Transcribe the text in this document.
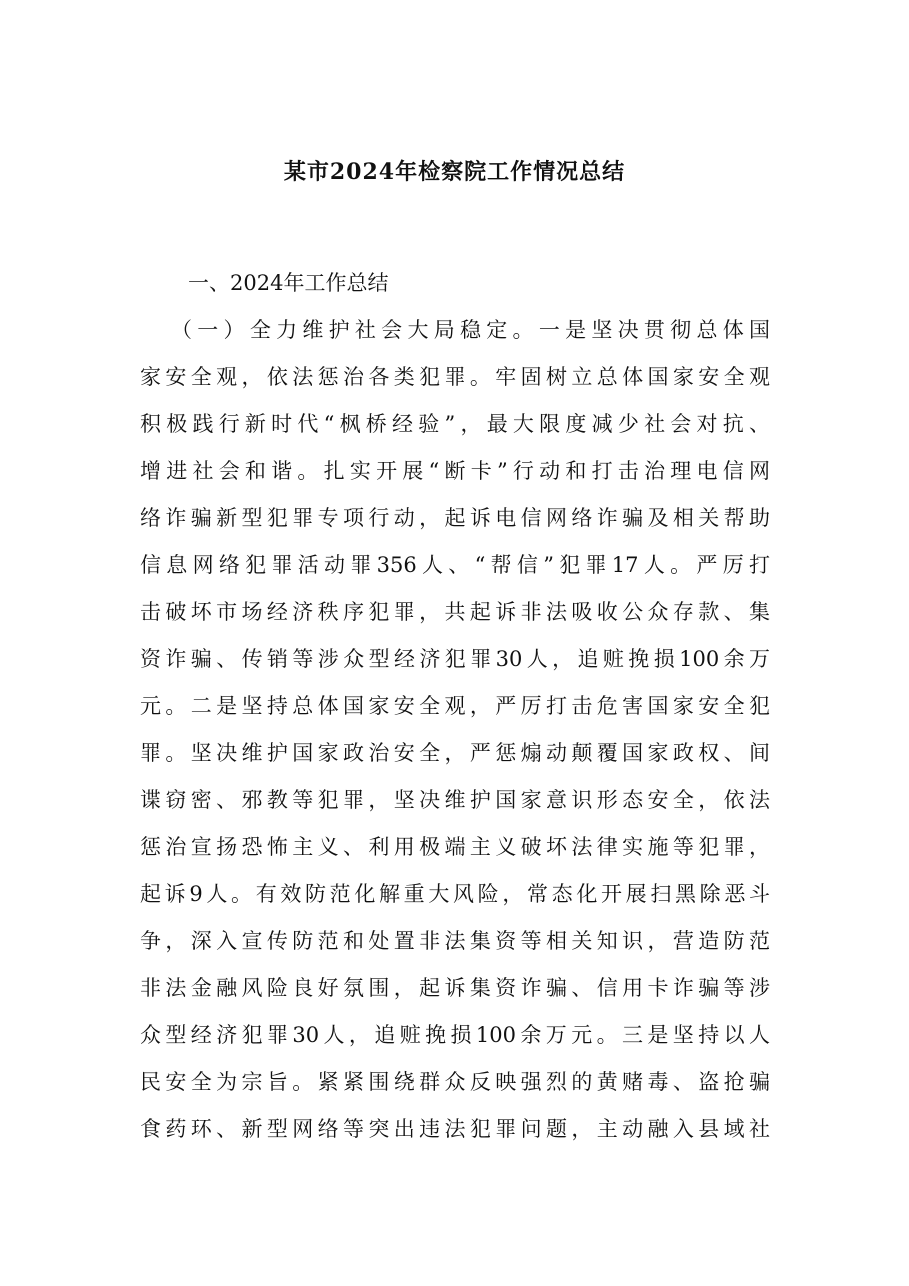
某市2024年检察院工作情况总结
一、2024年工作总结
（一）全力维护社会大局稳定。一是坚决贯彻总体国
家安全观，依法惩治各类犯罪。牢固树立总体国家安全观
积极践行新时代“枫桥经验”，最大限度减少社会对抗、
增进社会和谐。扎实开展“断卡”行动和打击治理电信网
络诈骗新型犯罪专项行动，起诉电信网络诈骗及相关帮助
信息网络犯罪活动罪356人、“帮信”犯罪17人。严厉打
击破坏市场经济秩序犯罪，共起诉非法吸收公众存款、集
资诈骗、传销等涉众型经济犯罪30人，追赃挽损100余万
元。二是坚持总体国家安全观，严厉打击危害国家安全犯
罪。坚决维护国家政治安全，严惩煽动颠覆国家政权、间
谍窃密、邪教等犯罪，坚决维护国家意识形态安全，依法
惩治宣扬恐怖主义、利用极端主义破坏法律实施等犯罪，
起诉9人。有效防范化解重大风险，常态化开展扫黑除恶斗
争，深入宣传防范和处置非法集资等相关知识，营造防范
非法金融风险良好氛围，起诉集资诈骗、信用卡诈骗等涉
众型经济犯罪30人，追赃挽损100余万元。三是坚持以人
民安全为宗旨。紧紧围绕群众反映强烈的黄赌毒、盗抢骗
食药环、新型网络等突出违法犯罪问题，主动融入县域社
